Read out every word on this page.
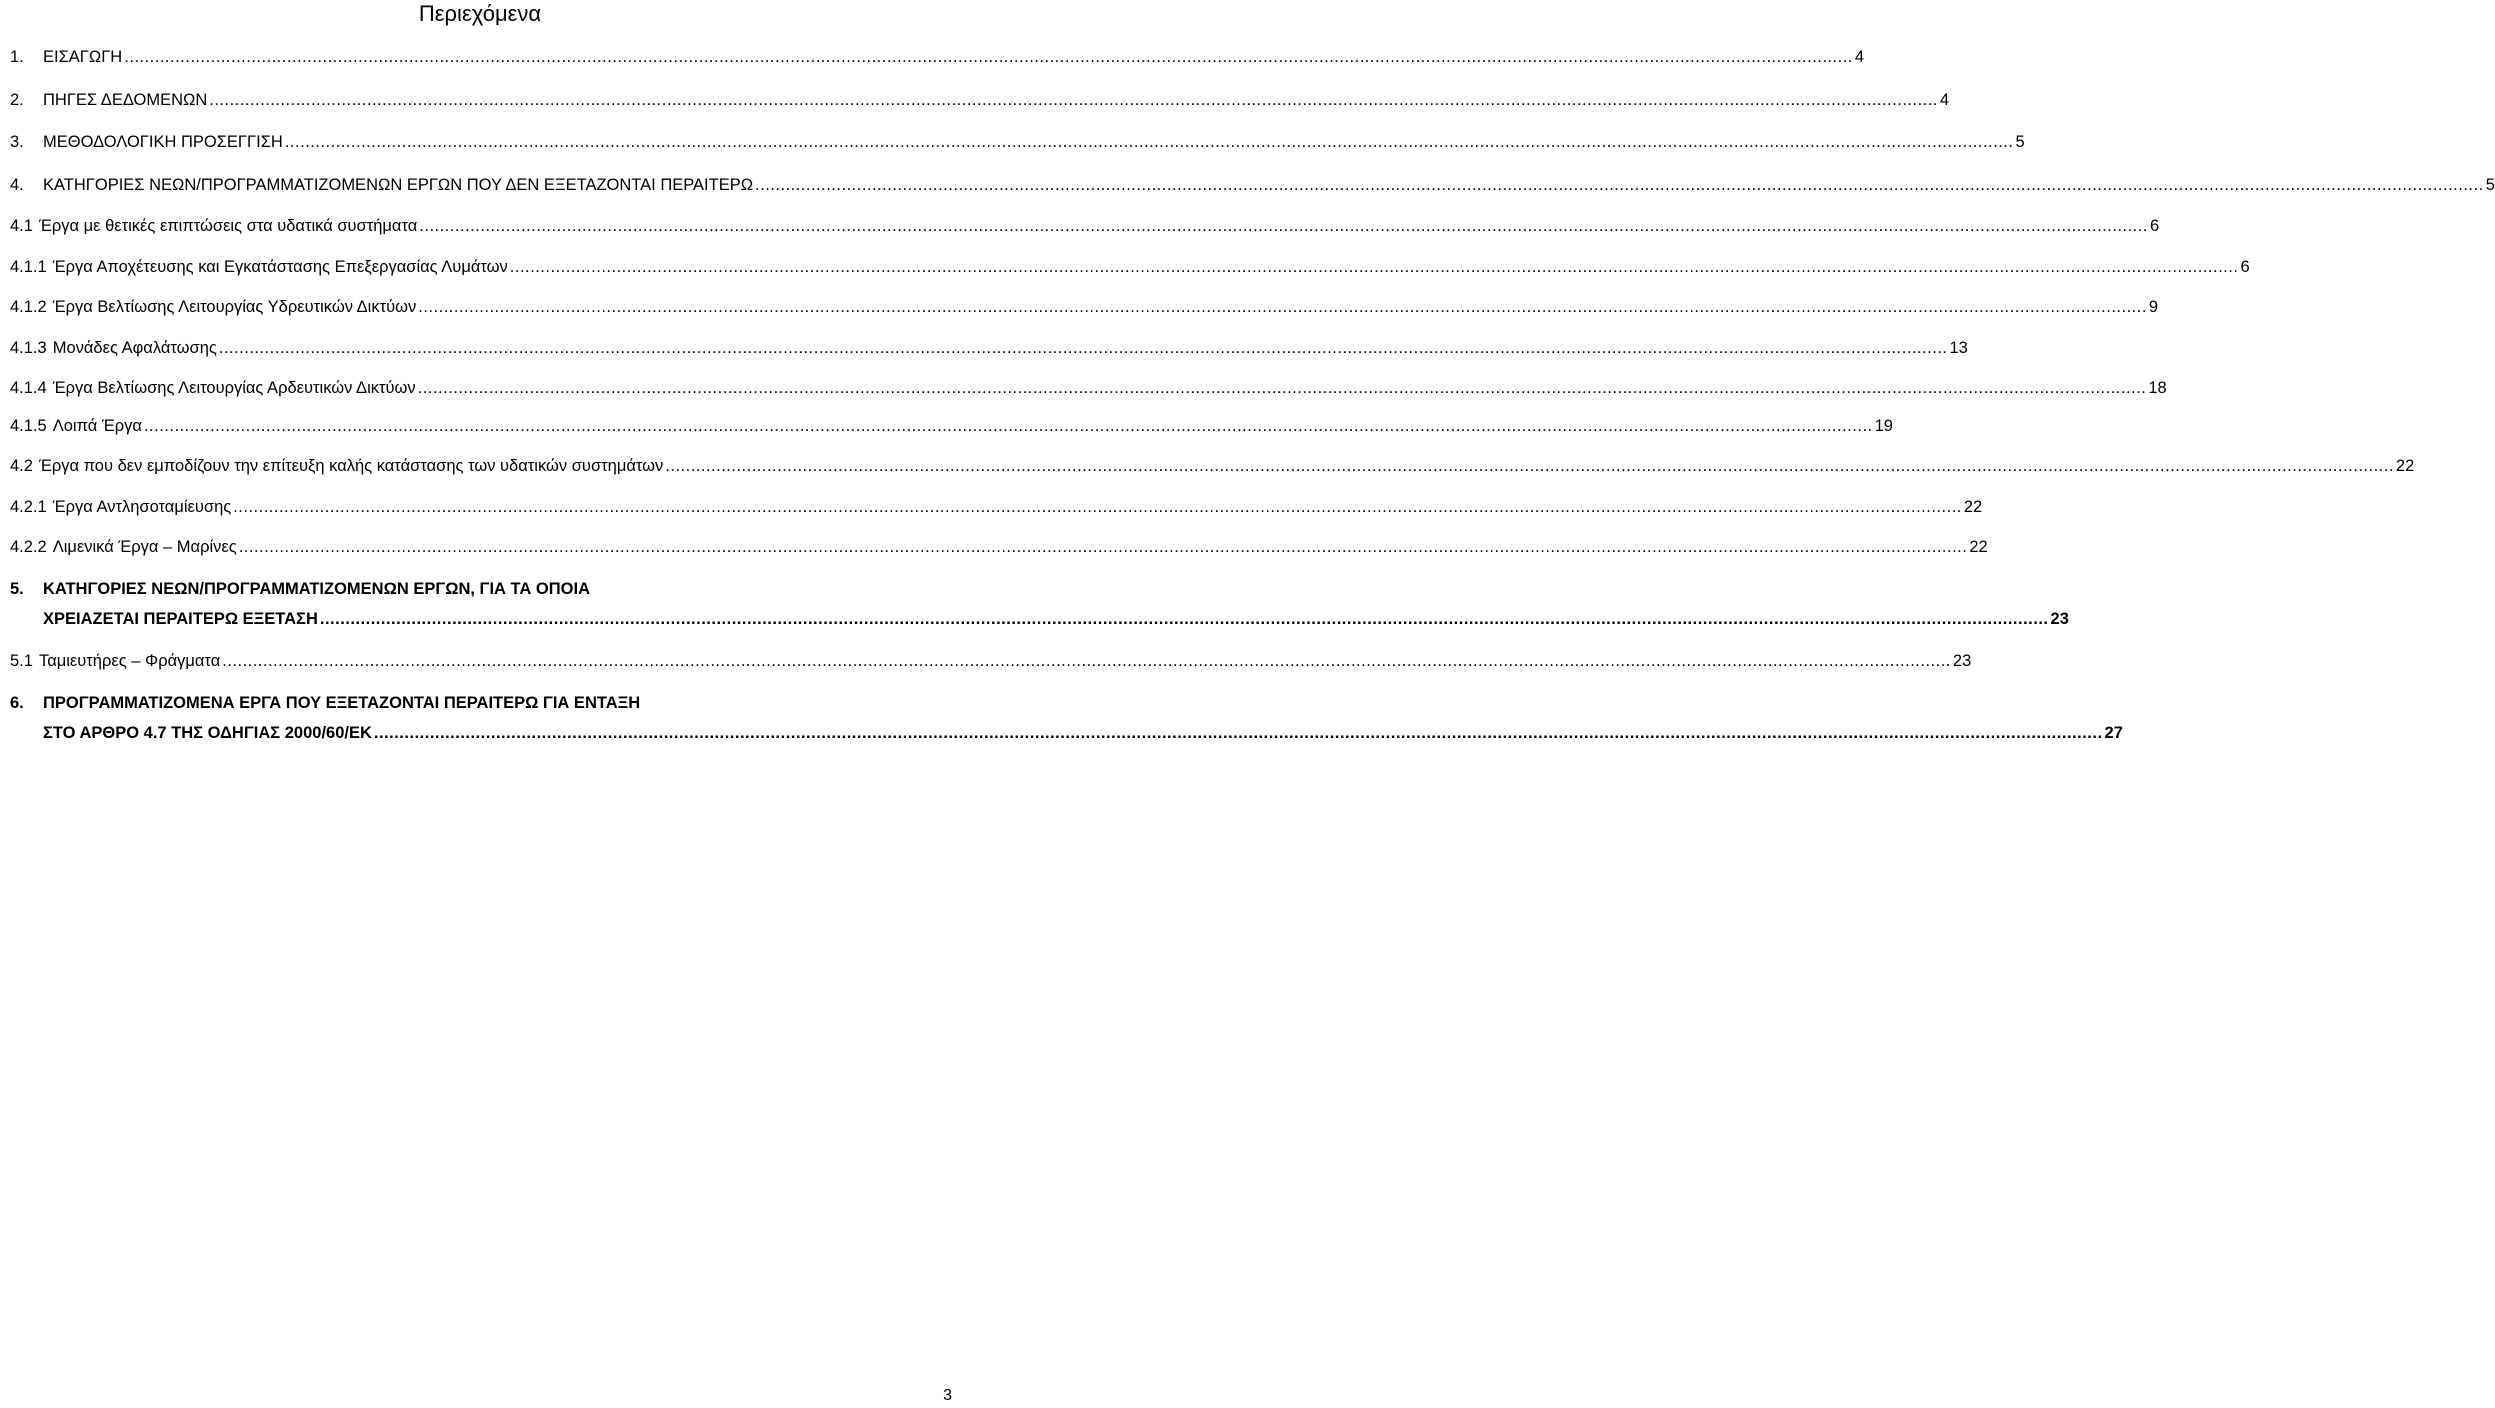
Περιεχόμενα
1.	ΕΙΣΑΓΩΓΗ .....	4
2.	ΠΗΓΕΣ ΔΕΔΟΜΕΝΩΝ .....	4
3.	ΜΕΘΟΔΟΛΟΓΙΚΗ ΠΡΟΣΕΓΓΙΣΗ .....	5
4.	ΚΑΤΗΓΟΡΙΕΣ ΝΕΩΝ/ΠΡΟΓΡΑΜΜΑΤΙΖΟΜΕΝΩΝ ΕΡΓΩΝ ΠΟΥ ΔΕΝ ΕΞΕΤΑΖΟΝΤΑΙ ΠΕΡΑΙΤΕΡΩ .....	5
4.1 Έργα με θετικές επιπτώσεις στα υδατικά συστήματα .....	6
4.1.1 Έργα Αποχέτευσης και Εγκατάστασης Επεξεργασίας Λυμάτων .....	6
4.1.2 Έργα Βελτίωσης Λειτουργίας Υδρευτικών Δικτύων .....	9
4.1.3 Μονάδες Αφαλάτωσης .....	13
4.1.4 Έργα Βελτίωσης Λειτουργίας Αρδευτικών Δικτύων .....	18
4.1.5 Λοιπά Έργα .....	19
4.2 Έργα που δεν εμποδίζουν την επίτευξη καλής κατάστασης των υδατικών συστημάτων .....	22
4.2.1 Έργα Αντλησοταμίευσης .....	22
4.2.2 Λιμενικά Έργα – Μαρίνες .....	22
5.	ΚΑΤΗΓΟΡΙΕΣ ΝΕΩΝ/ΠΡΟΓΡΑΜΜΑΤΙΖΟΜΕΝΩΝ ΕΡΓΩΝ, ΓΙΑ ΤΑ ΟΠΟΙΑ
ΧΡΕΙΑΖΕΤΑΙ ΠΕΡΑΙΤΕΡΩ ΕΞΕΤΑΣΗ .....	23
5.1 Ταμιευτήρες – Φράγματα .....	23
6.	ΠΡΟΓΡΑΜΜΑΤΙΖΟΜΕΝΑ ΕΡΓΑ ΠΟΥ ΕΞΕΤΑΖΟΝΤΑΙ ΠΕΡΑΙΤΕΡΩ ΓΙΑ ΕΝΤΑΞΗ
ΣΤΟ ΑΡΘΡΟ 4.7 ΤΗΣ ΟΔΗΓΙΑΣ 2000/60/ΕΚ .....	27
3
